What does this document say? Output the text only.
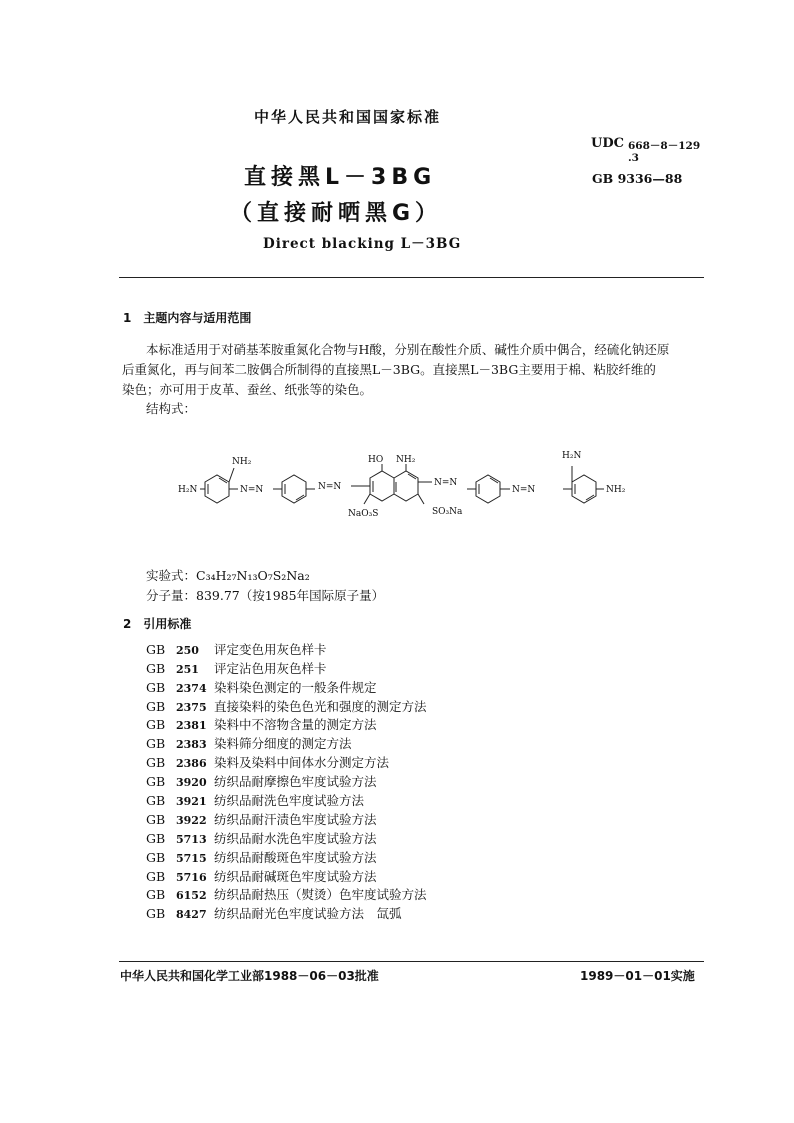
中华人民共和国国家标准
直接黑L－3BG
（直接耐晒黑G）
Direct blacking L－3BG
UDC 668－8－129
.3
GB 9336—88
1　主题内容与适用范围
本标准适用于对硝基苯胺重氮化合物与H酸，分别在酸性介质、碱性介质中偶合，经硫化钠还原
后重氮化，再与间苯二胺偶合所制得的直接黑L－3BG。直接黑L－3BG主要用于棉、粘胶纤维的
染色；亦可用于皮革、蚕丝、纸张等的染色。
结构式：
H₂N
NH₂
N=N	N=N
HO NH₂
N=N
N=N
NaO₃S	SO₃Na
H₂N
NH₂
实验式：C₃₄H₂₇N₁₃O₇S₂Na₂
分子量：839.77（按1985年国际原子量）
2　引用标准
GB 250 评定变色用灰色样卡
GB 251 评定沾色用灰色样卡
GB 2374 染料染色测定的一般条件规定
GB 2375 直接染料的染色色光和强度的测定方法
GB 2381 染料中不溶物含量的测定方法
GB 2383 染料筛分细度的测定方法
GB 2386 染料及染料中间体水分测定方法
GB 3920 纺织品耐摩擦色牢度试验方法
GB 3921 纺织品耐洗色牢度试验方法
GB 3922 纺织品耐汗渍色牢度试验方法
GB 5713 纺织品耐水洗色牢度试验方法
GB 5715 纺织品耐酸斑色牢度试验方法
GB 5716 纺织品耐碱斑色牢度试验方法
GB 6152 纺织品耐热压（熨烫）色牢度试验方法
GB 8427 纺织品耐光色牢度试验方法　氙弧
中华人民共和国化学工业部1988－06－03批准	1989－01－01实施
